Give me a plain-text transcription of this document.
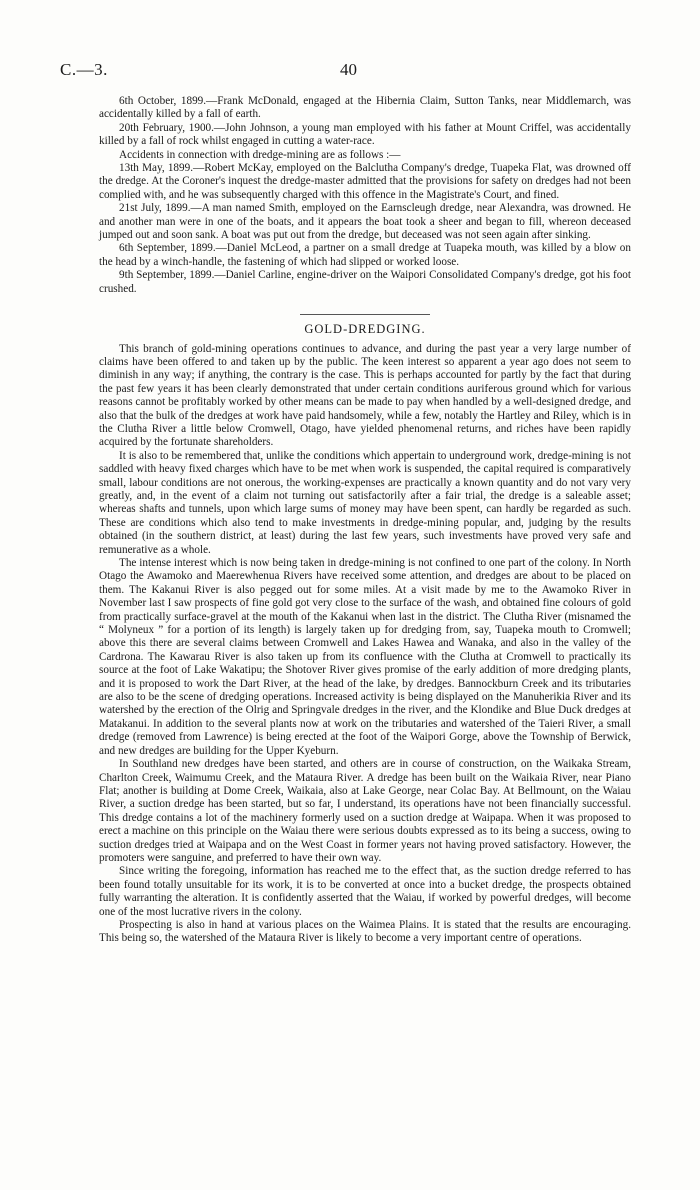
C.—3.	40

6th October, 1899.—Frank McDonald, engaged at the Hibernia Claim, Sutton Tanks, near Middlemarch, was accidentally killed by a fall of earth.

20th February, 1900.—John Johnson, a young man employed with his father at Mount Criffel, was accidentally killed by a fall of rock whilst engaged in cutting a water-race.

Accidents in connection with dredge-mining are as follows :—

13th May, 1899.—Robert McKay, employed on the Balclutha Company's dredge, Tuapeka Flat, was drowned off the dredge. At the Coroner's inquest the dredge-master admitted that the provisions for safety on dredges had not been complied with, and he was subsequently charged with this offence in the Magistrate's Court, and fined.

21st July, 1899.—A man named Smith, employed on the Earnscleugh dredge, near Alexandra, was drowned. He and another man were in one of the boats, and it appears the boat took a sheer and began to fill, whereon deceased jumped out and soon sank. A boat was put out from the dredge, but deceased was not seen again after sinking.

6th September, 1899.—Daniel McLeod, a partner on a small dredge at Tuapeka mouth, was killed by a blow on the head by a winch-handle, the fastening of which had slipped or worked loose.

9th September, 1899.—Daniel Carline, engine-driver on the Waipori Consolidated Company's dredge, got his foot crushed.

GOLD-DREDGING.

This branch of gold-mining operations continues to advance, and during the past year a very large number of claims have been offered to and taken up by the public. The keen interest so apparent a year ago does not seem to diminish in any way; if anything, the contrary is the case. This is perhaps accounted for partly by the fact that during the past few years it has been clearly demonstrated that under certain conditions auriferous ground which for various reasons cannot be profitably worked by other means can be made to pay when handled by a well-designed dredge, and also that the bulk of the dredges at work have paid handsomely, while a few, notably the Hartley and Riley, which is in the Clutha River a little below Cromwell, Otago, have yielded phenomenal returns, and riches have been rapidly acquired by the fortunate shareholders.

It is also to be remembered that, unlike the conditions which appertain to underground work, dredge-mining is not saddled with heavy fixed charges which have to be met when work is suspended, the capital required is comparatively small, labour conditions are not onerous, the working-expenses are practically a known quantity and do not vary very greatly, and, in the event of a claim not turning out satisfactorily after a fair trial, the dredge is a saleable asset; whereas shafts and tunnels, upon which large sums of money may have been spent, can hardly be regarded as such. These are conditions which also tend to make investments in dredge-mining popular, and, judging by the results obtained (in the southern district, at least) during the last few years, such investments have proved very safe and remunerative as a whole.

The intense interest which is now being taken in dredge-mining is not confined to one part of the colony. In North Otago the Awamoko and Maerewhenua Rivers have received some attention, and dredges are about to be placed on them. The Kakanui River is also pegged out for some miles. At a visit made by me to the Awamoko River in November last I saw prospects of fine gold got very close to the surface of the wash, and obtained fine colours of gold from practically surface-gravel at the mouth of the Kakanui when last in the district. The Clutha River (misnamed the “ Molyneux ” for a portion of its length) is largely taken up for dredging from, say, Tuapeka mouth to Cromwell; above this there are several claims between Cromwell and Lakes Hawea and Wanaka, and also in the valley of the Cardrona. The Kawarau River is also taken up from its confluence with the Clutha at Cromwell to practically its source at the foot of Lake Wakatipu; the Shotover River gives promise of the early addition of more dredging plants, and it is proposed to work the Dart River, at the head of the lake, by dredges. Bannockburn Creek and its tributaries are also to be the scene of dredging operations. Increased activity is being displayed on the Manuherikia River and its watershed by the erection of the Olrig and Springvale dredges in the river, and the Klondike and Blue Duck dredges at Matakanui. In addition to the several plants now at work on the tributaries and watershed of the Taieri River, a small dredge (removed from Lawrence) is being erected at the foot of the Waipori Gorge, above the Township of Berwick, and new dredges are building for the Upper Kyeburn.

In Southland new dredges have been started, and others are in course of construction, on the Waikaka Stream, Charlton Creek, Waimumu Creek, and the Mataura River. A dredge has been built on the Waikaia River, near Piano Flat; another is building at Dome Creek, Waikaia, also at Lake George, near Colac Bay. At Bellmount, on the Waiau River, a suction dredge has been started, but so far, I understand, its operations have not been financially successful. This dredge contains a lot of the machinery formerly used on a suction dredge at Waipapa. When it was proposed to erect a machine on this principle on the Waiau there were serious doubts expressed as to its being a success, owing to suction dredges tried at Waipapa and on the West Coast in former years not having proved satisfactory. However, the promoters were sanguine, and preferred to have their own way.

Since writing the foregoing, information has reached me to the effect that, as the suction dredge referred to has been found totally unsuitable for its work, it is to be converted at once into a bucket dredge, the prospects obtained fully warranting the alteration. It is confidently asserted that the Waiau, if worked by powerful dredges, will become one of the most lucrative rivers in the colony.

Prospecting is also in hand at various places on the Waimea Plains. It is stated that the results are encouraging. This being so, the watershed of the Mataura River is likely to become a very important centre of operations.
